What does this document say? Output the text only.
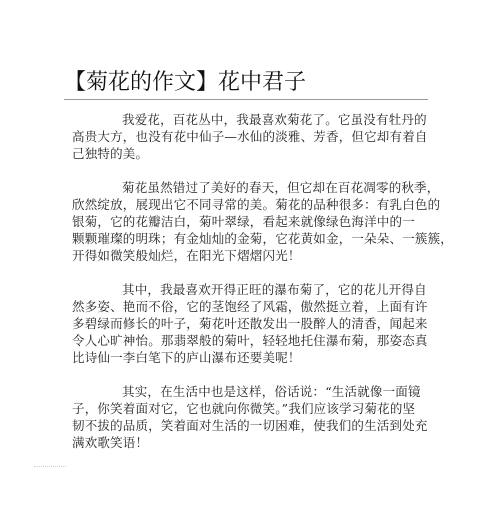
【菊花的作文】花中君子
我爱花，百花丛中，我最喜欢菊花了。它虽没有牡丹的
高贵大方，也没有花中仙子—水仙的淡雅、芳香，但它却有着自
己独特的美。
菊花虽然错过了美好的春天，但它却在百花凋零的秋季，
欣然绽放，展现出它不同寻常的美。菊花的品种很多：有乳白色的
银菊，它的花瓣洁白，菊叶翠绿，看起来就像绿色海洋中的一
颗颗璀璨的明珠；有金灿灿的金菊，它花黄如金，一朵朵、一簇簇，
开得如微笑般灿烂，在阳光下熠熠闪光！
其中，我最喜欢开得正旺的瀑布菊了，它的花儿开得自
然多姿、艳而不俗，它的茎饱经了风霜，傲然挺立着，上面有许
多碧绿而修长的叶子，菊花叶还散发出一股醉人的清香，闻起来
令人心旷神怡。那翡翠般的菊叶，轻轻地托住瀑布菊，那姿态真
比诗仙一李白笔下的庐山瀑布还要美呢！
其实，在生活中也是这样，俗话说：“生活就像一面镜
子，你笑着面对它，它也就向你微笑。”我们应该学习菊花的坚
韧不拔的品质，笑着面对生活的一切困难，使我们的生活到处充
满欢歌笑语！
